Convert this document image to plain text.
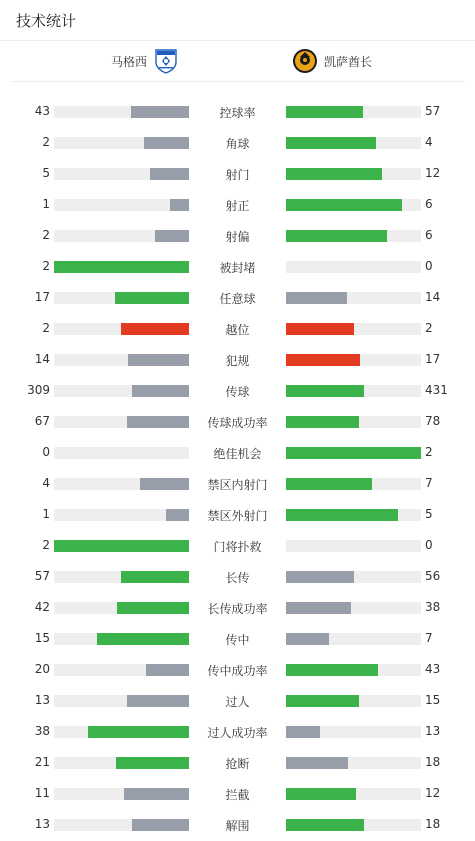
技术统计
马格西	凯萨酋长
43	控球率	57
2	角球	4
5	射门	12
1	射正	6
2	射偏	6
2	被封堵	0
17	任意球	14
2	越位	2
14	犯规	17
309	传球	431
67	传球成功率	78
0	绝佳机会	2
4	禁区内射门	7
1	禁区外射门	5
2	门将扑救	0
57	长传	56
42	长传成功率	38
15	传中	7
20	传中成功率	43
13	过人	15
38	过人成功率	13
21	抢断	18
11	拦截	12
13	解围	18
